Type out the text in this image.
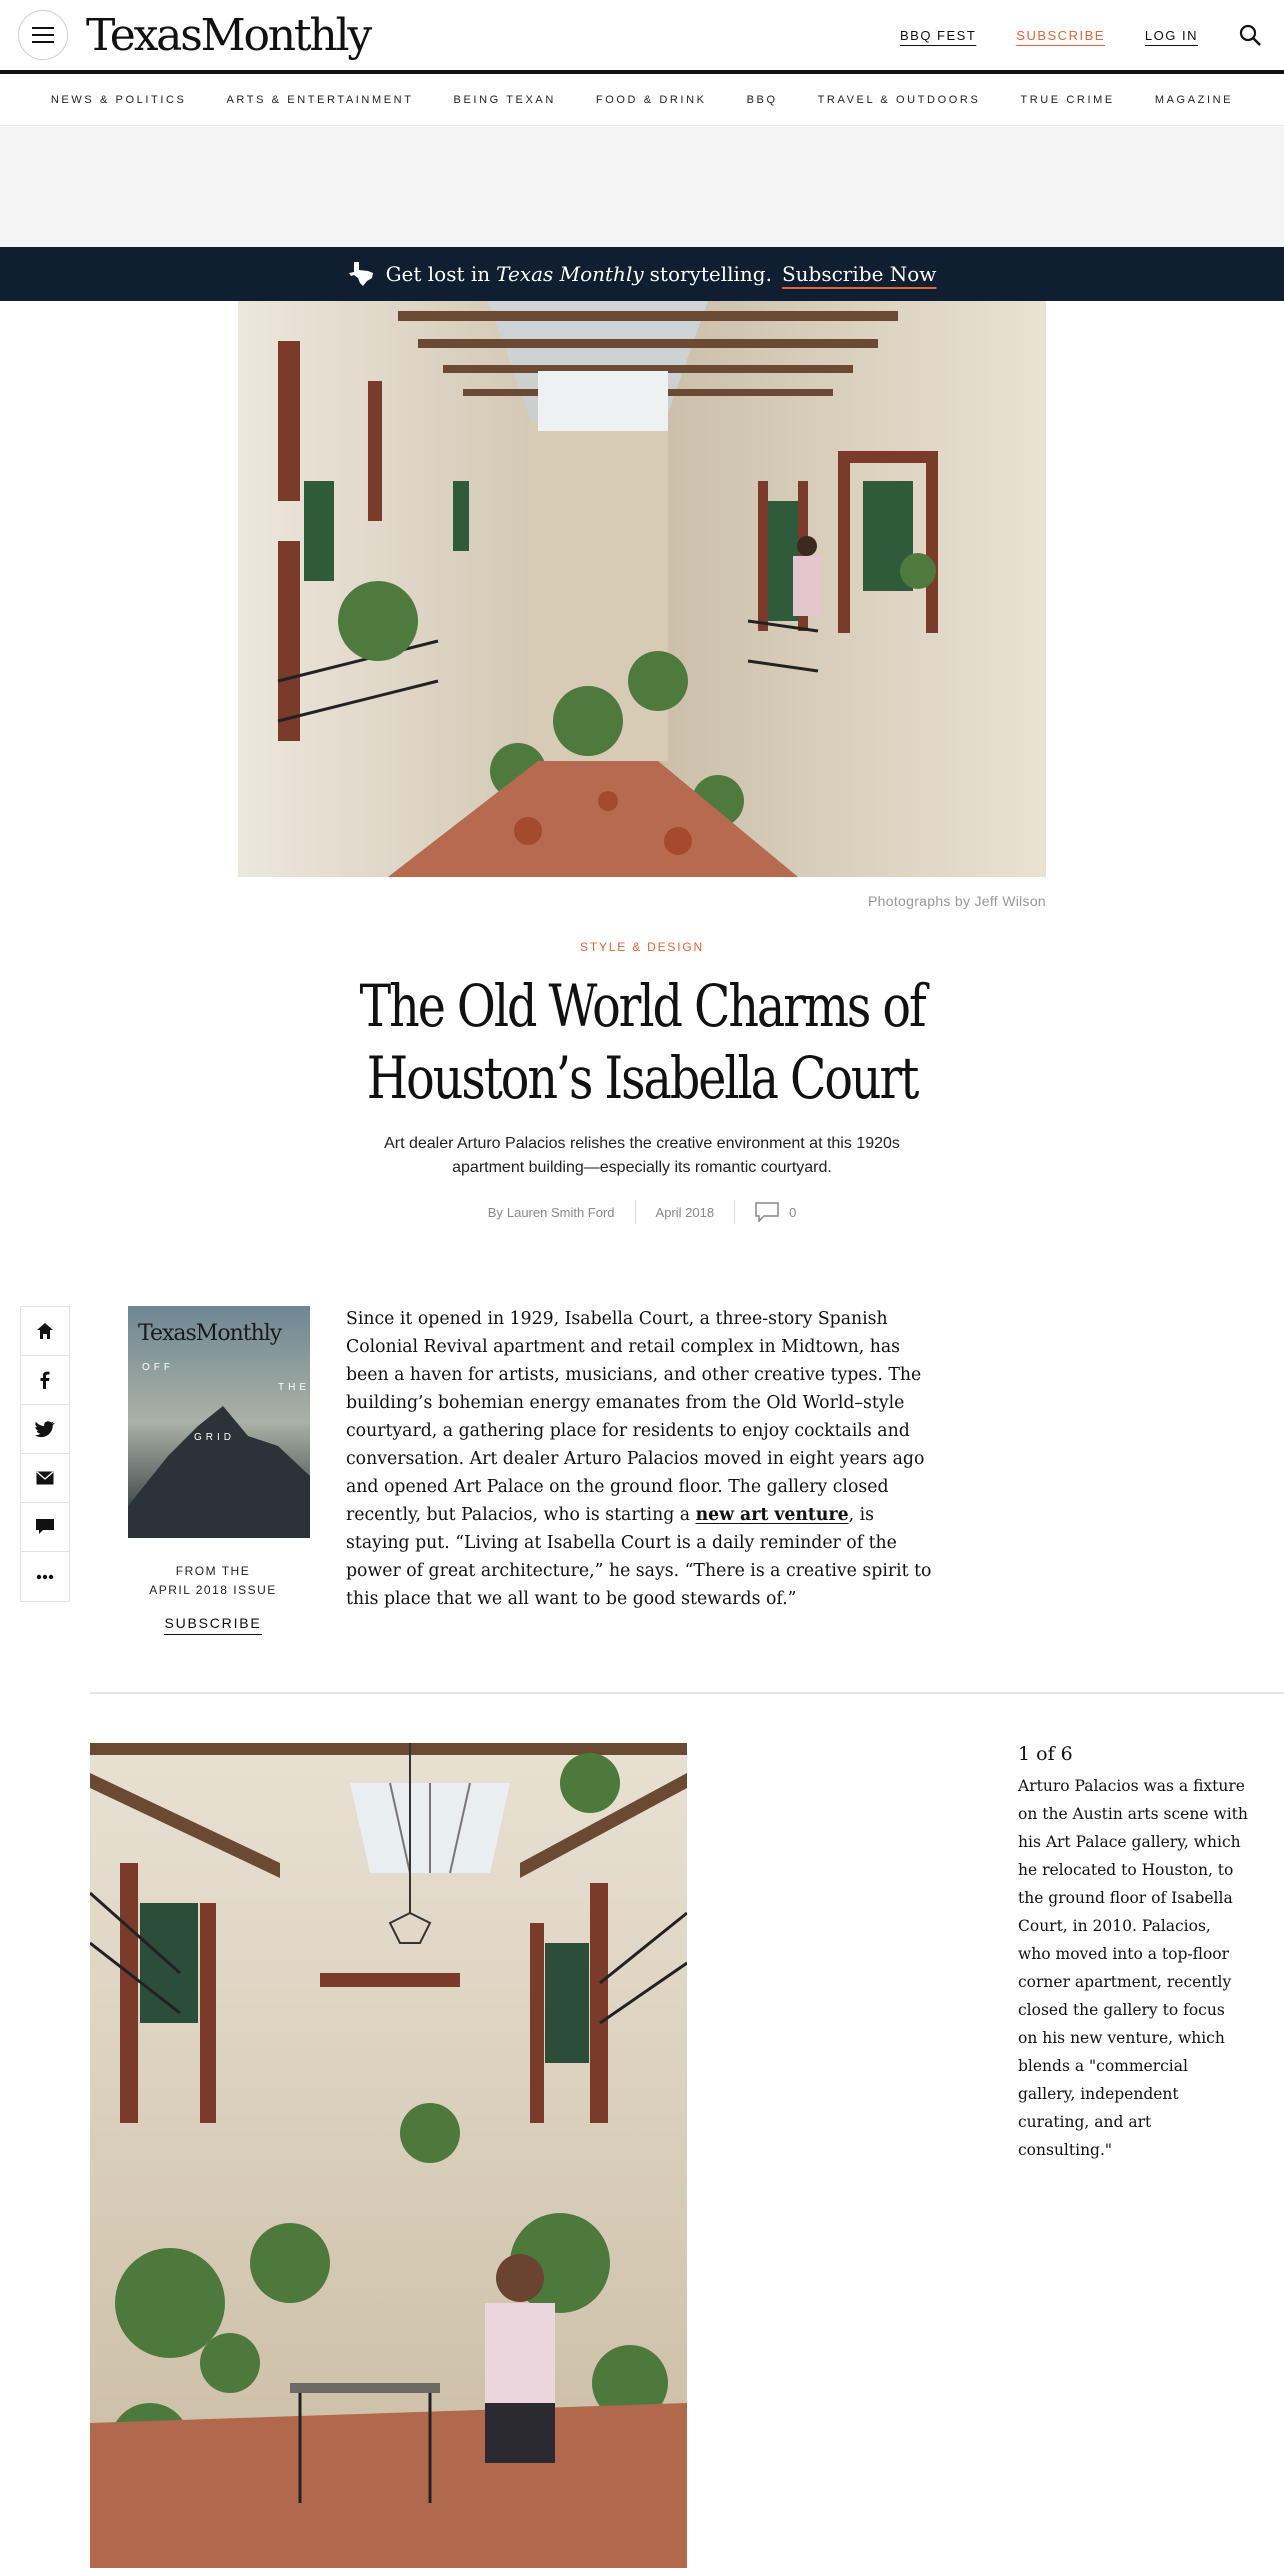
TexasMonthly	BBQ FEST	SUBSCRIBE	LOG IN
NEWS & POLITICS	ARTS & ENTERTAINMENT	BEING TEXAN	FOOD & DRINK	BBQ	TRAVEL & OUTDOORS	TRUE CRIME	MAGAZINE
Get lost in Texas Monthly storytelling. Subscribe Now
Photographs by Jeff Wilson
STYLE & DESIGN
The Old World Charms of Houston’s Isabella Court

Art dealer Arturo Palacios relishes the creative environment at this 1920s apartment building—especially its romantic courtyard.

By Lauren Smith Ford	April 2018	0
TexasMonthly
OFF
THE
GRID
FROM THE
APRIL 2018 ISSUE
SUBSCRIBE
Since it opened in 1929, Isabella Court, a three-story Spanish Colonial Revival apartment and retail complex in Midtown, has been a haven for artists, musicians, and other creative types. The building’s bohemian energy emanates from the Old World–style courtyard, a gathering place for residents to enjoy cocktails and conversation. Art dealer Arturo Palacios moved in eight years ago and opened Art Palace on the ground floor. The gallery closed recently, but Palacios, who is starting a new art venture, is staying put. “Living at Isabella Court is a daily reminder of the power of great architecture,” he says. “There is a creative spirit to this place that we all want to be good stewards of.”
1 of 6
Arturo Palacios was a fixture on the Austin arts scene with his Art Palace gallery, which he relocated to Houston, to the ground floor of Isabella Court, in 2010. Palacios, who moved into a top-floor corner apartment, recently closed the gallery to focus on his new venture, which blends a "commercial gallery, independent curating, and art consulting."
